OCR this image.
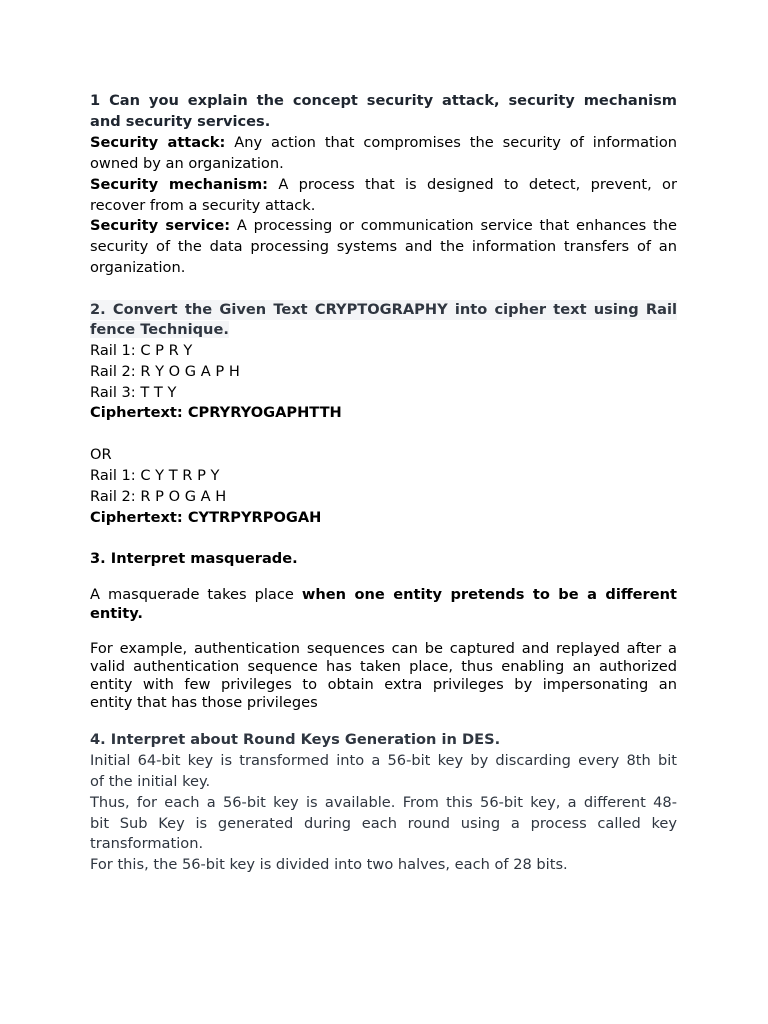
1 Can you explain the concept security attack, security mechanism
and security services.
Security attack: Any action that compromises the security of information
owned by an organization.
Security mechanism: A process that is designed to detect, prevent, or
recover from a security attack.
Security service: A processing or communication service that enhances the
security of the data processing systems and the information transfers of an
organization.
2. Convert the Given Text CRYPTOGRAPHY into cipher text using Rail
fence Technique.
Rail 1: C P R Y
Rail 2: R Y O G A P H
Rail 3: T T Y
Ciphertext: CPRYRYOGAPHTTH
OR
Rail 1: C Y T R P Y
Rail 2: R P O G A H
Ciphertext: CYTRPYRPOGAH
3. Interpret masquerade.
A masquerade takes place when one entity pretends to be a different
entity.
For example, authentication sequences can be captured and replayed after a
valid authentication sequence has taken place, thus enabling an authorized
entity with few privileges to obtain extra privileges by impersonating an
entity that has those privileges
4. Interpret about Round Keys Generation in DES.
Initial 64-bit key is transformed into a 56-bit key by discarding every 8th bit
of the initial key.
Thus, for each a 56-bit key is available. From this 56-bit key, a different 48-
bit Sub Key is generated during each round using a process called key
transformation.
For this, the 56-bit key is divided into two halves, each of 28 bits.
